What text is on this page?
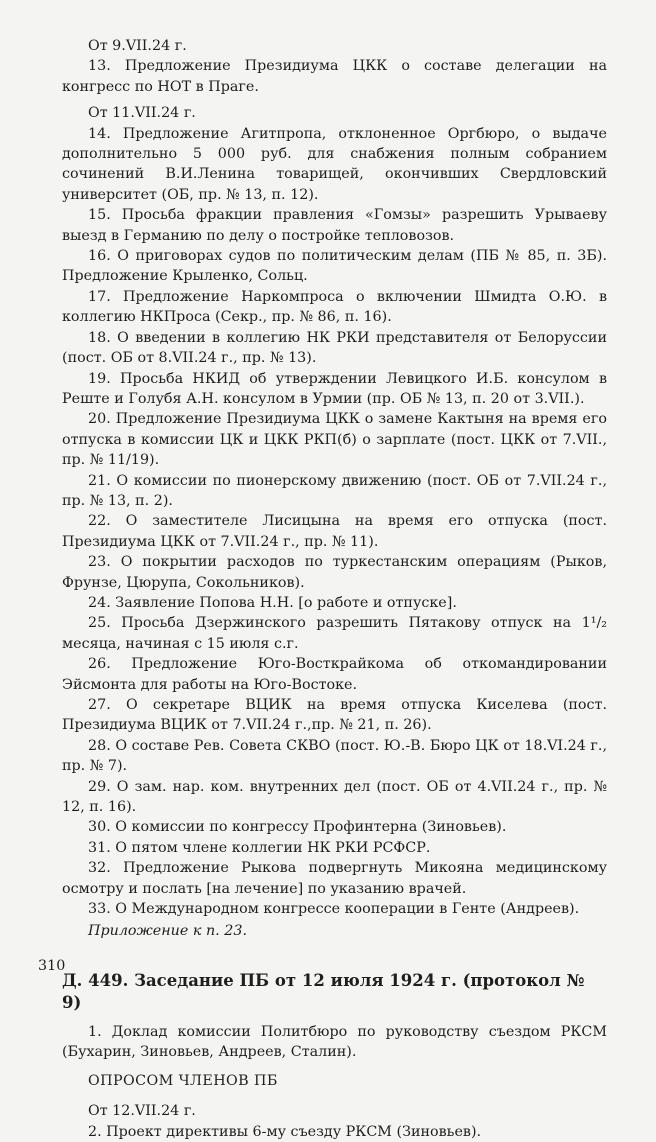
От 9.VII.24 г.

13. Предложение Президиума ЦКК о составе делегации на конгресс по НОТ в Праге.

От 11.VII.24 г.

14. Предложение Агитпропа, отклоненное Оргбюро, о выдаче дополнительно 5 000 руб. для снабжения полным собранием сочинений В.И.Ленина товарищей, окончивших Свердловский университет (ОБ, пр. № 13, п. 12).

15. Просьба фракции правления «Гомзы» разрешить Урываеву выезд в Германию по делу о постройке тепловозов.

16. О приговорах судов по политическим делам (ПБ № 85, п. 3Б). Предложение Крыленко, Сольц.

17. Предложение Наркомпроса о включении Шмидта О.Ю. в коллегию НКПроса (Секр., пр. № 86, п. 16).

18. О введении в коллегию НК РКИ представителя от Белоруссии (пост. ОБ от 8.VII.24 г., пр. № 13).

19. Просьба НКИД об утверждении Левицкого И.Б. консулом в Реште и Голубя А.Н. консулом в Урмии (пр. ОБ № 13, п. 20 от 3.VII.).

20. Предложение Президиума ЦКК о замене Кактыня на время его отпуска в комиссии ЦК и ЦКК РКП(б) о зарплате (пост. ЦКК от 7.VII., пр. № 11/19).

21. О комиссии по пионерскому движению (пост. ОБ от 7.VII.24 г., пр. № 13, п. 2).

22. О заместителе Лисицына на время его отпуска (пост. Президиума ЦКК от 7.VII.24 г., пр. № 11).

23. О покрытии расходов по туркестанским операциям (Рыков, Фрунзе, Цюрупа, Сокольников).

24. Заявление Попова Н.Н. [о работе и отпуске].

25. Просьба Дзержинского разрешить Пятакову отпуск на 1¹/₂ месяца, начиная с 15 июля с.г.

26. Предложение Юго-Восткрайкома об откомандировании Эйсмонта для работы на Юго-Востоке.

27. О секретаре ВЦИК на время отпуска Киселева (пост. Президиума ВЦИК от 7.VII.24 г.,пр. № 21, п. 26).

28. О составе Рев. Совета СКВО (пост. Ю.-В. Бюро ЦК от 18.VI.24 г., пр. № 7).

29. О зам. нар. ком. внутренних дел (пост. ОБ от 4.VII.24 г., пр. № 12, п. 16).

30. О комиссии по конгрессу Профинтерна (Зиновьев).

31. О пятом члене коллегии НК РКИ РСФСР.

32. Предложение Рыкова подвергнуть Микояна медицинскому осмотру и послать [на лечение] по указанию врачей.

33. О Международном конгрессе кооперации в Генте (Андреев).

Приложение к п. 23.

Д. 449. Заседание ПБ от 12 июля 1924 г. (протокол № 9)

1. Доклад комиссии Политбюро по руководству съездом РКСМ (Бухарин, Зиновьев, Андреев, Сталин).

ОПРОСОМ ЧЛЕНОВ ПБ

От 12.VII.24 г.

2. Проект директивы 6-му съезду РКСМ (Зиновьев).

310
